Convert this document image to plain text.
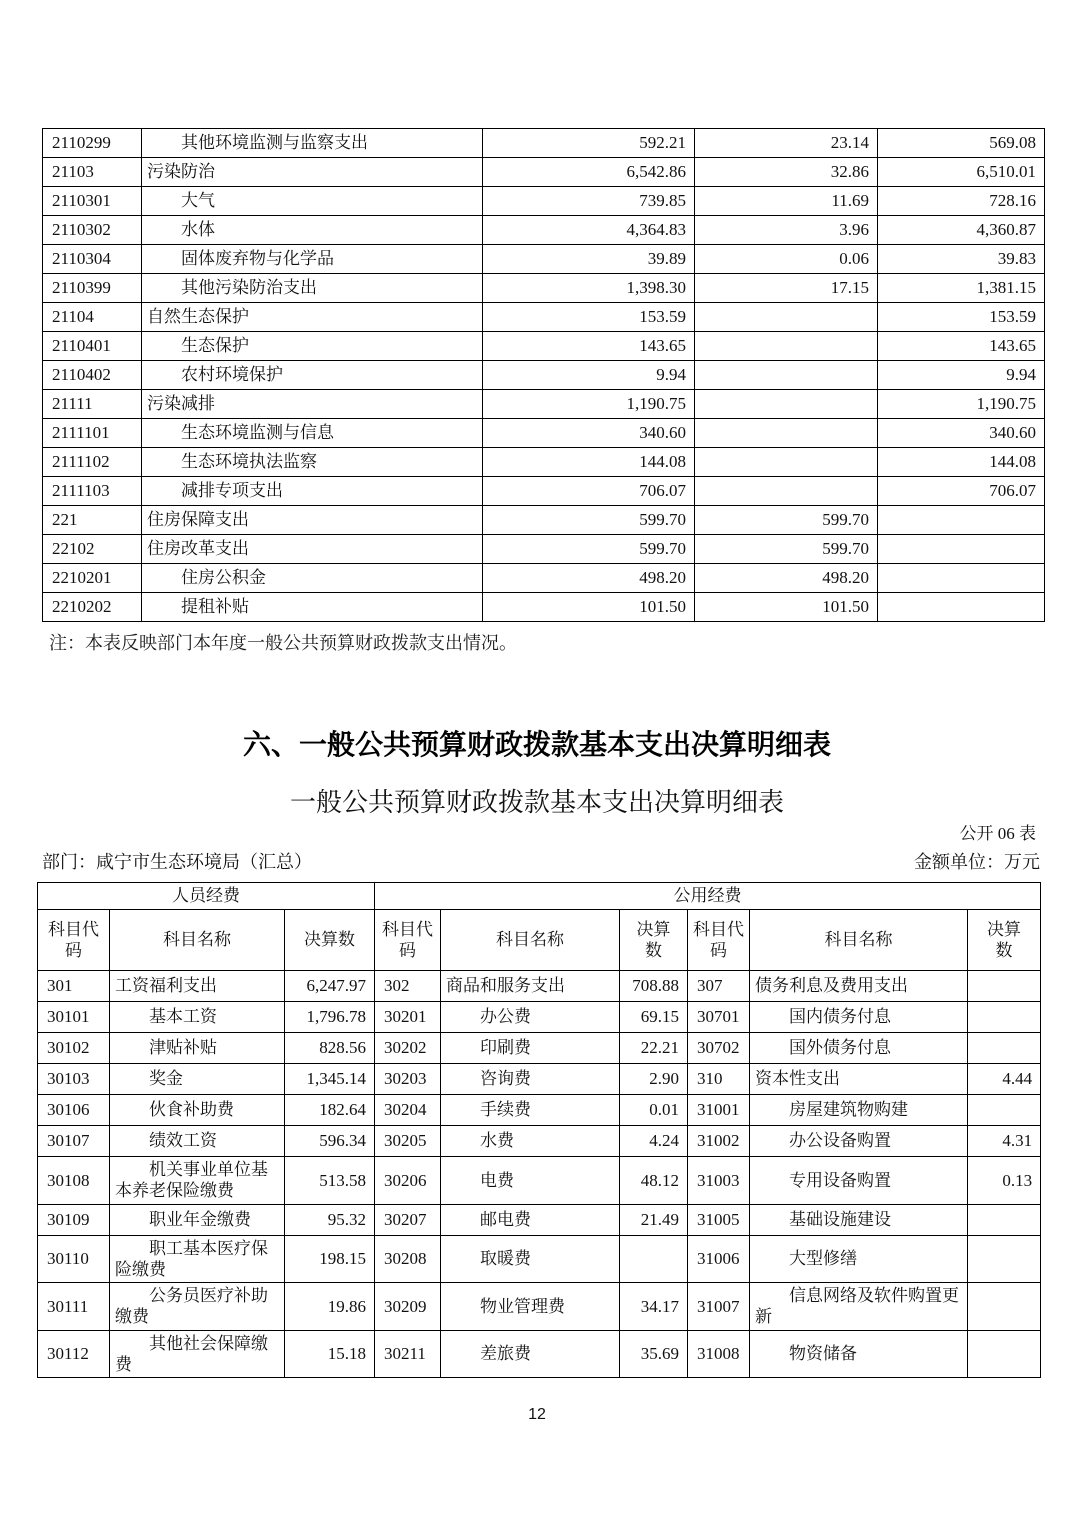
2110299	其他环境监测与监察支出	592.21	23.14	569.08
21103	污染防治	6,542.86	32.86	6,510.01
2110301	大气	739.85	11.69	728.16
2110302	水体	4,364.83	3.96	4,360.87
2110304	固体废弃物与化学品	39.89	0.06	39.83
2110399	其他污染防治支出	1,398.30	17.15	1,381.15
21104	自然生态保护	153.59		153.59
2110401	生态保护	143.65		143.65
2110402	农村环境保护	9.94		9.94
21111	污染减排	1,190.75		1,190.75
2111101	生态环境监测与信息	340.60		340.60
2111102	生态环境执法监察	144.08		144.08
2111103	减排专项支出	706.07		706.07
221	住房保障支出	599.70	599.70	
22102	住房改革支出	599.70	599.70	
2210201	住房公积金	498.20	498.20	
2210202	提租补贴	101.50	101.50	
注：本表反映部门本年度一般公共预算财政拨款支出情况。
六、一般公共预算财政拨款基本支出决算明细表
一般公共预算财政拨款基本支出决算明细表
公开 06 表
部门：咸宁市生态环境局（汇总）	金额单位：万元
人员经费			公用经费					
科目代码	科目名称	决算数	科目代码	科目名称	决算数	科目代码	科目名称	决算数
301	工资福利支出	6,247.97	302	商品和服务支出	708.88	307	债务利息及费用支出	
30101	基本工资	1,796.78	30201	办公费	69.15	30701	国内债务付息	
30102	津贴补贴	828.56	30202	印刷费	22.21	30702	国外债务付息	
30103	奖金	1,345.14	30203	咨询费	2.90	310	资本性支出	4.44
30106	伙食补助费	182.64	30204	手续费	0.01	31001	房屋建筑物购建	
30107	绩效工资	596.34	30205	水费	4.24	31002	办公设备购置	4.31
30108	机关事业单位基本养老保险缴费	513.58	30206	电费	48.12	31003	专用设备购置	0.13
30109	职业年金缴费	95.32	30207	邮电费	21.49	31005	基础设施建设	
30110	职工基本医疗保险缴费	198.15	30208	取暖费		31006	大型修缮	
30111	公务员医疗补助缴费	19.86	30209	物业管理费	34.17	31007	信息网络及软件购置更新	
30112	其他社会保障缴费	15.18	30211	差旅费	35.69	31008	物资储备	
12
